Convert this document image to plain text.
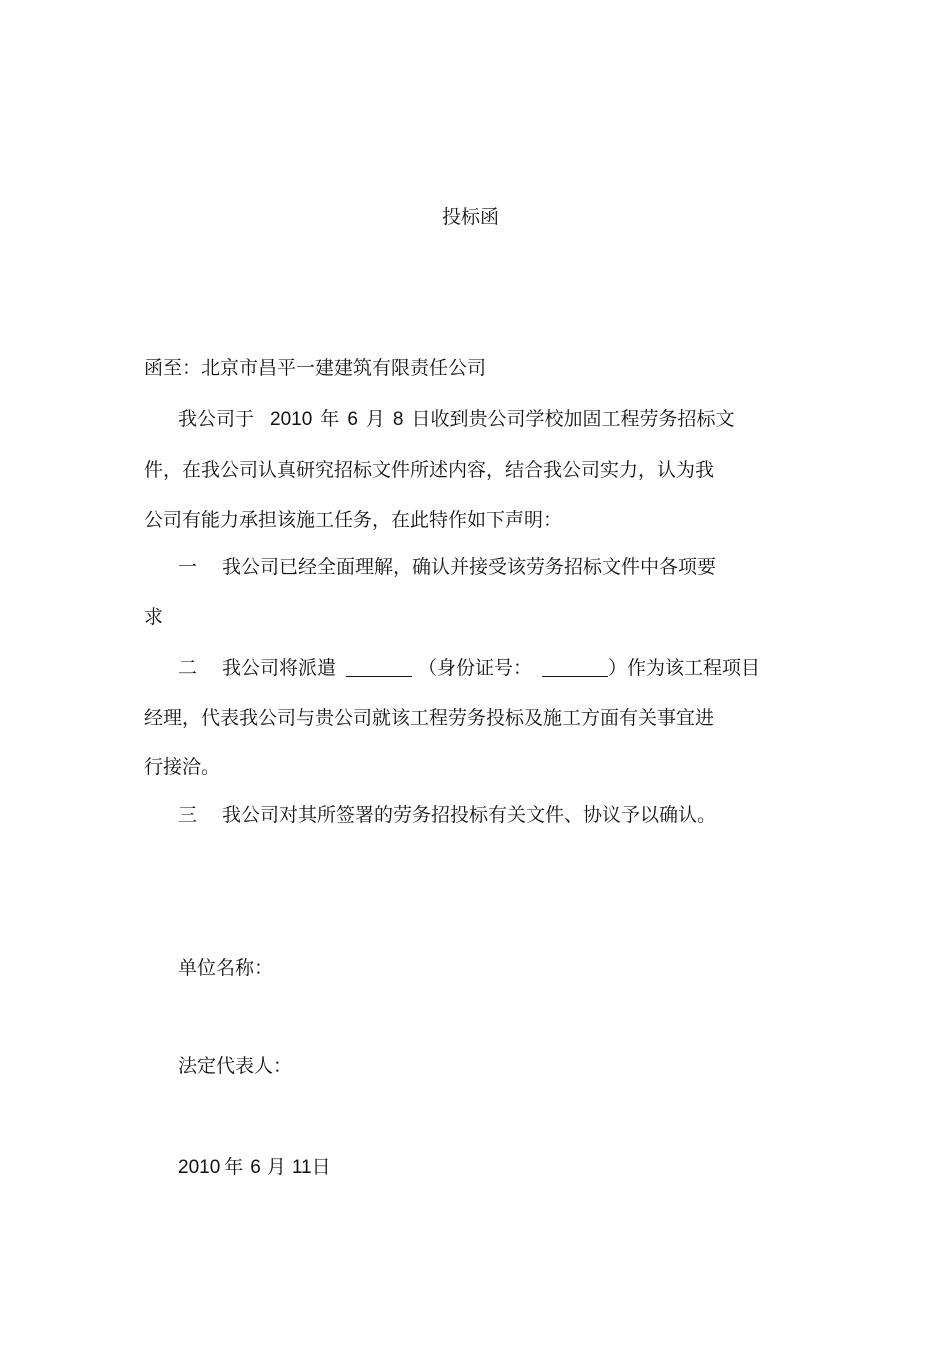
投标函
函至：北京市昌平一建建筑有限责任公司
我公司于 2010 年 6 月 8 日收到贵公司学校加固工程劳务招标文
件，在我公司认真研究招标文件所述内容，结合我公司实力，认为我
公司有能力承担该施工任务，在此特作如下声明：
一 我公司已经全面理解，确认并接受该劳务招标文件中各项要
求
二 我公司将派遣	（身份证号：	）作为该工程项目
经理，代表我公司与贵公司就该工程劳务投标及施工方面有关事宜进
行接洽。
三 我公司对其所签署的劳务招投标有关文件、协议予以确认。
单位名称：
法定代表人：
2010 年 6 月 11日
